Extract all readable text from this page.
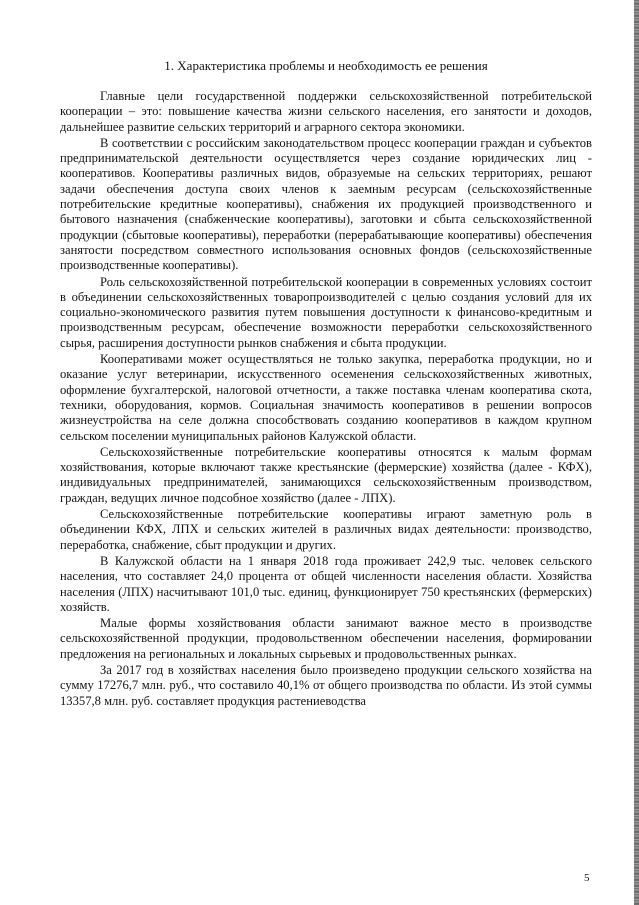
1. Характеристика проблемы и необходимость ее решения

Главные цели государственной поддержки сельскохозяйственной потребительской кооперации – это: повышение качества жизни сельского населения, его занятости и доходов, дальнейшее развитие сельских территорий и аграрного сектора экономики.

В соответствии с российским законодательством процесс кооперации граждан и субъектов предпринимательской деятельности осуществляется через создание юридических лиц - кооперативов. Кооперативы различных видов, образуемые на сельских территориях, решают задачи обеспечения доступа своих членов к заемным ресурсам (сельскохозяйственные потребительские кредитные кооперативы), снабжения их продукцией производственного и бытового назначения (снабженческие кооперативы), заготовки и сбыта сельскохозяйственной продукции (сбытовые кооперативы), переработки (перерабатывающие кооперативы) обеспечения занятости посредством совместного использования основных фондов (сельскохозяйственные производственные кооперативы).

Роль сельскохозяйственной потребительской кооперации в современных условиях состоит в объединении сельскохозяйственных товаропроизводителей с целью создания условий для их социально-экономического развития путем повышения доступности к финансово-кредитным и производственным ресурсам, обеспечение возможности переработки сельскохозяйственного сырья, расширения доступности рынков снабжения и сбыта продукции.

Кооперативами может осуществляться не только закупка, переработка продукции, но и оказание услуг ветеринарии, искусственного осеменения сельскохозяйственных животных, оформление бухгалтерской, налоговой отчетности, а также поставка членам кооператива скота, техники, оборудования, кормов. Социальная значимость кооперативов в решении вопросов жизнеустройства на селе должна способствовать созданию кооперативов в каждом крупном сельском поселении муниципальных районов Калужской области.

Сельскохозяйственные потребительские кооперативы относятся к малым формам хозяйствования, которые включают также крестьянские (фермерские) хозяйства (далее - КФХ), индивидуальных предпринимателей, занимающихся сельскохозяйственным производством, граждан, ведущих личное подсобное хозяйство (далее - ЛПХ).

Сельскохозяйственные потребительские кооперативы играют заметную роль в объединении КФХ, ЛПХ и сельских жителей в различных видах деятельности: производство, переработка, снабжение, сбыт продукции и других.

В Калужской области на 1 января 2018 года проживает 242,9 тыс. человек сельского населения, что составляет 24,0 процента от общей численности населения области. Хозяйства населения (ЛПХ) насчитывают 101,0 тыс. единиц, функционирует 750 крестьянских (фермерских) хозяйств.

Малые формы хозяйствования области занимают важное место в производстве сельскохозяйственной продукции, продовольственном обеспечении населения, формировании предложения на региональных и локальных сырьевых и продовольственных рынках.

За 2017 год в хозяйствах населения было произведено продукции сельского хозяйства на сумму 17276,7 млн. руб., что составило 40,1% от общего производства по области. Из этой суммы 13357,8 млн. руб. составляет продукция растениеводства

5
